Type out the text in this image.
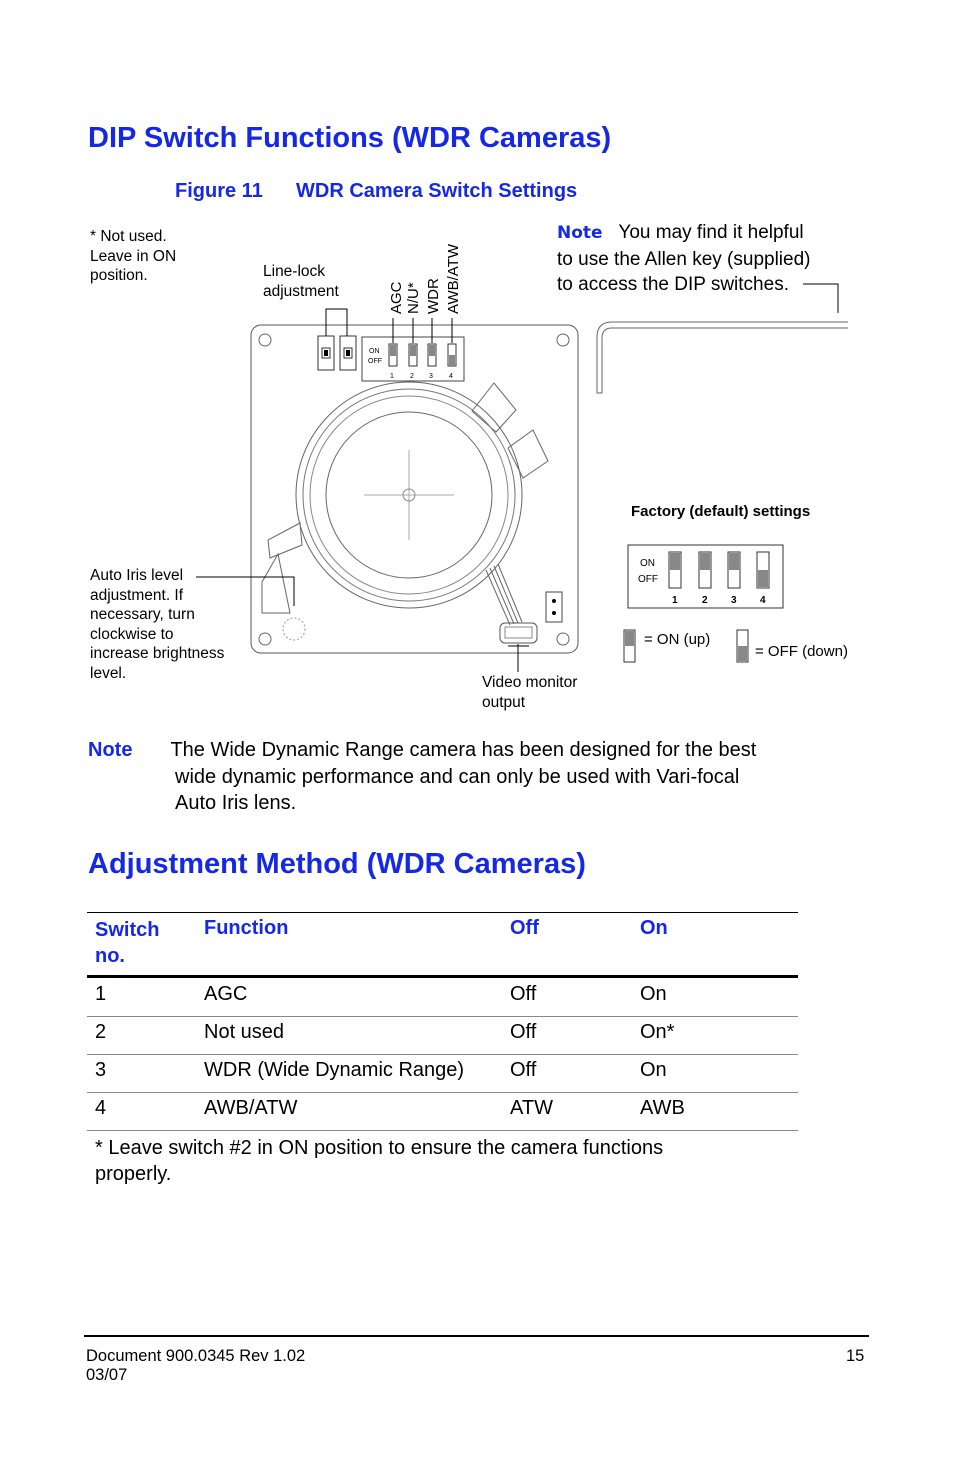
DIP Switch Functions (WDR Cameras)
Figure 11 WDR Camera Switch Settings
* Not used.
Leave in ON
position.	Line-lock
adjustment	AGC N/U* WDR AWB/ATW
Note You may find it helpful
to use the Allen key (supplied)
to access the DIP switches.
Factory (default) settings
Auto Iris level
adjustment. If
necessary, turn
clockwise to
increase brightness
level.
Video monitor
output
= ON (up)
= OFF (down)
ON
OFF
1 2 3 4
ON
OFF
1 2 3 4
Note The Wide Dynamic Range camera has been designed for the best
wide dynamic performance and can only be used with Vari-focal
Auto Iris lens.
Adjustment Method (WDR Cameras)
Switch
no.	Function	Off	On

1	AGC	Off	On
2	Not used	Off	On*
3	WDR (Wide Dynamic Range)	Off	On
4	AWB/ATW	ATW	AWB

* Leave switch #2 in ON position to ensure the camera functions
properly.			
Document 900.0345 Rev 1.02
03/07
15
